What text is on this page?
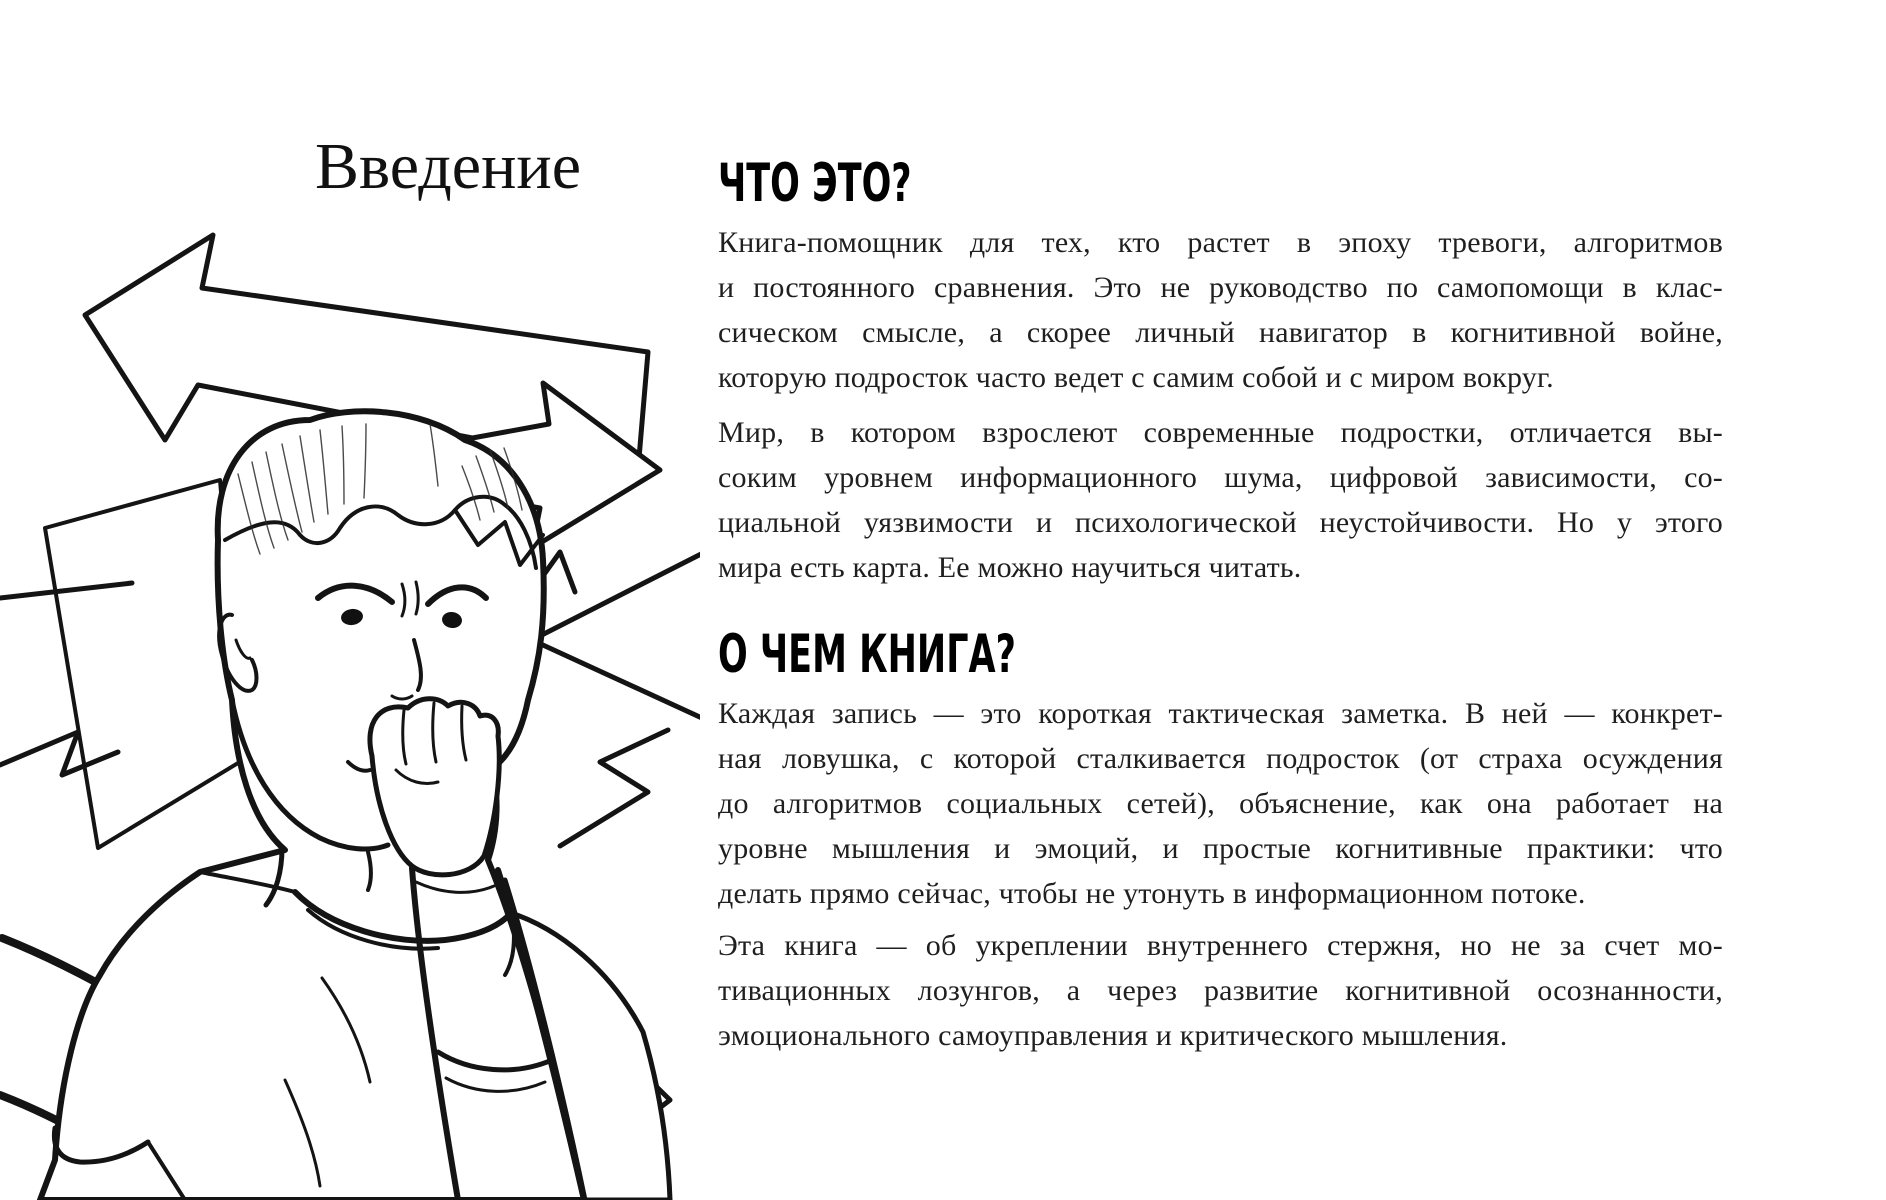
Введение	ЧТО ЭТО?
Книга-помощник для тех, кто растет в эпоху тревоги, алгоритмов
и постоянного сравнения. Это не руководство по самопомощи в клас-
сическом смысле, а скорее личный навигатор в когнитивной войне,
которую подросток часто ведет с самим собой и с миром вокруг.
Мир, в котором взрослеют современные подростки, отличается вы-
соким уровнем информационного шума, цифровой зависимости, со-
циальной уязвимости и психологической неустойчивости. Но у этого
мира есть карта. Ее можно научиться читать.
О ЧЕМ КНИГА?
Каждая запись — это короткая тактическая заметка. В ней — конкрет-
ная ловушка, с которой сталкивается подросток (от страха осуждения
до алгоритмов социальных сетей), объяснение, как она работает на
уровне мышления и эмоций, и простые когнитивные практики: что
делать прямо сейчас, чтобы не утонуть в информационном потоке.
Эта книга — об укреплении внутреннего стержня, но не за счет мо-
тивационных лозунгов, а через развитие когнитивной осознанности,
эмоционального самоуправления и критического мышления.
